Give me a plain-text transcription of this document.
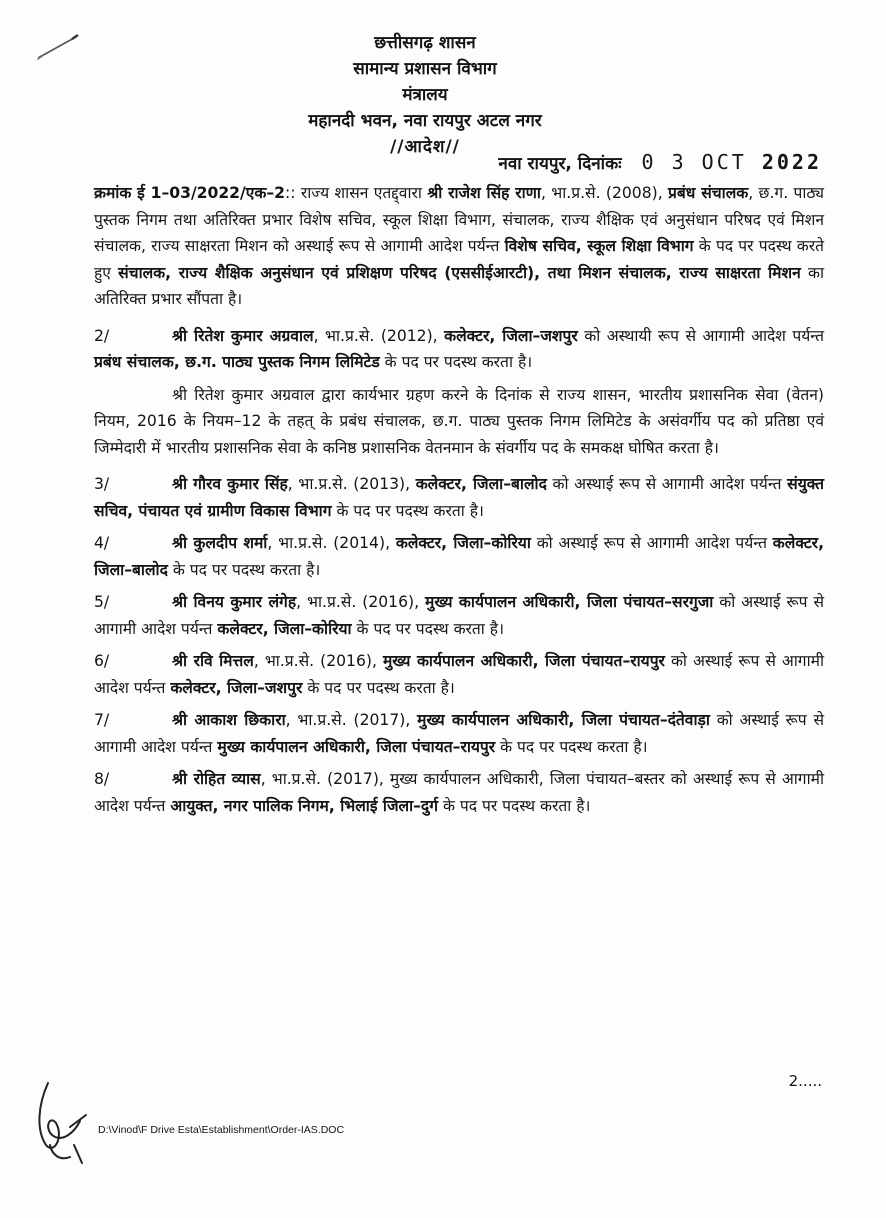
छत्तीसगढ़ शासन
सामान्य प्रशासन विभाग
मंत्रालय
महानदी भवन, नवा रायपुर अटल नगर
//आदेश//
नवा रायपुर, दिनांकः 0 3 OCT 2022

क्रमांक ई 1–03/2022/एक–2:: राज्य शासन एतद्द्वारा श्री राजेश सिंह राणा, भा.प्र.से. (2008), प्रबंध संचालक, छ.ग. पाठ्य पुस्तक निगम तथा अतिरिक्त प्रभार विशेष सचिव, स्कूल शिक्षा विभाग, संचालक, राज्य शैक्षिक एवं अनुसंधान परिषद एवं मिशन संचालक, राज्य साक्षरता मिशन को अस्थाई रूप से आगामी आदेश पर्यन्त विशेष सचिव, स्कूल शिक्षा विभाग के पद पर पदस्थ करते हुए संचालक, राज्य शैक्षिक अनुसंधान एवं प्रशिक्षण परिषद (एससीईआरटी), तथा मिशन संचालक, राज्य साक्षरता मिशन का अतिरिक्त प्रभार सौंपता है।

2/	श्री रितेश कुमार अग्रवाल, भा.प्र.से. (2012), कलेक्टर, जिला–जशपुर को अस्थायी रूप से आगामी आदेश पर्यन्त प्रबंध संचालक, छ.ग. पाठ्य पुस्तक निगम लिमिटेड के पद पर पदस्थ करता है।

श्री रितेश कुमार अग्रवाल द्वारा कार्यभार ग्रहण करने के दिनांक से राज्य शासन, भारतीय प्रशासनिक सेवा (वेतन) नियम, 2016 के नियम–12 के तहत् के प्रबंध संचालक, छ.ग. पाठ्य पुस्तक निगम लिमिटेड के असंवर्गीय पद को प्रतिष्ठा एवं जिम्मेदारी में भारतीय प्रशासनिक सेवा के कनिष्ठ प्रशासनिक वेतनमान के संवर्गीय पद के समकक्ष घोषित करता है।

3/	श्री गौरव कुमार सिंह, भा.प्र.से. (2013), कलेक्टर, जिला–बालोद को अस्थाई रूप से आगामी आदेश पर्यन्त संयुक्त सचिव, पंचायत एवं ग्रामीण विकास विभाग के पद पर पदस्थ करता है।

4/	श्री कुलदीप शर्मा, भा.प्र.से. (2014), कलेक्टर, जिला–कोरिया को अस्थाई रूप से आगामी आदेश पर्यन्त कलेक्टर, जिला–बालोद के पद पर पदस्थ करता है।

5/	श्री विनय कुमार लंगेह, भा.प्र.से. (2016), मुख्य कार्यपालन अधिकारी, जिला पंचायत–सरगुजा को अस्थाई रूप से आगामी आदेश पर्यन्त कलेक्टर, जिला–कोरिया के पद पर पदस्थ करता है।

6/	श्री रवि मित्तल, भा.प्र.से. (2016), मुख्य कार्यपालन अधिकारी, जिला पंचायत–रायपुर को अस्थाई रूप से आगामी आदेश पर्यन्त कलेक्टर, जिला–जशपुर के पद पर पदस्थ करता है।

7/	श्री आकाश छिकारा, भा.प्र.से. (2017), मुख्य कार्यपालन अधिकारी, जिला पंचायत–दंतेवाड़ा को अस्थाई रूप से आगामी आदेश पर्यन्त मुख्य कार्यपालन अधिकारी, जिला पंचायत–रायपुर के पद पर पदस्थ करता है।

8/	श्री रोहित व्यास, भा.प्र.से. (2017), मुख्य कार्यपालन अधिकारी, जिला पंचायत–बस्तर को अस्थाई रूप से आगामी आदेश पर्यन्त आयुक्त, नगर पालिक निगम, भिलाई जिला–दुर्ग के पद पर पदस्थ करता है।

2.....
D:\Vinod\F Drive Esta\Establishment\Order-IAS.DOC
